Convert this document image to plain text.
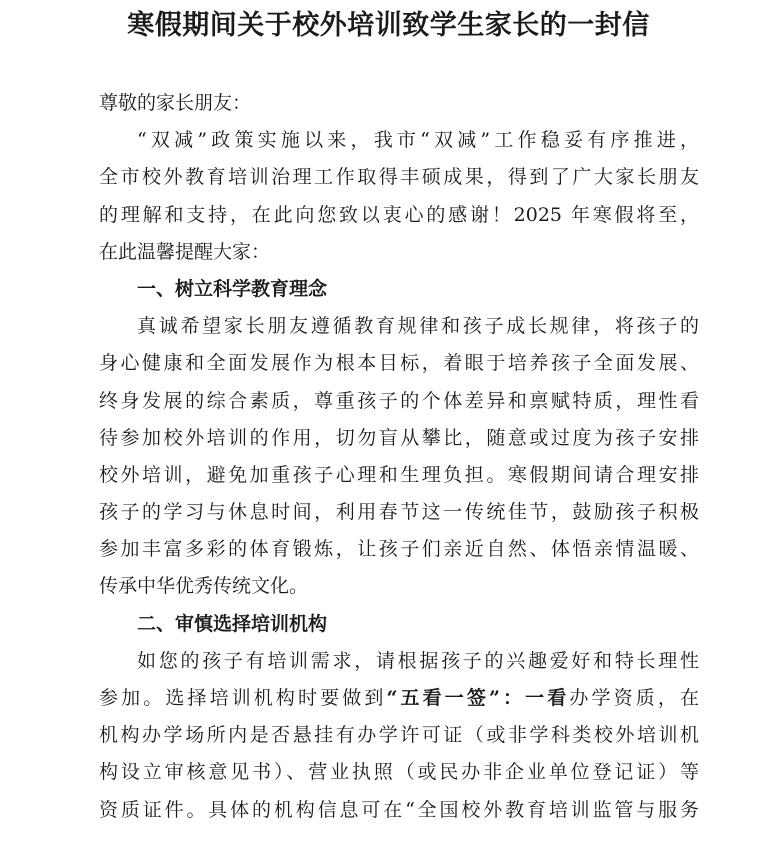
寒假期间关于校外培训致学生家长的一封信
尊敬的家长朋友：
“双减”政策实施以来，我市“双减”工作稳妥有序推进，
全市校外教育培训治理工作取得丰硕成果，得到了广大家长朋友
的理解和支持，在此向您致以衷心的感谢！2025 年寒假将至，
在此温馨提醒大家：
一、树立科学教育理念
真诚希望家长朋友遵循教育规律和孩子成长规律，将孩子的
身心健康和全面发展作为根本目标，着眼于培养孩子全面发展、
终身发展的综合素质，尊重孩子的个体差异和禀赋特质，理性看
待参加校外培训的作用，切勿盲从攀比，随意或过度为孩子安排
校外培训，避免加重孩子心理和生理负担。寒假期间请合理安排
孩子的学习与休息时间，利用春节这一传统佳节，鼓励孩子积极
参加丰富多彩的体育锻炼，让孩子们亲近自然、体悟亲情温暖、
传承中华优秀传统文化。
二、审慎选择培训机构
如您的孩子有培训需求，请根据孩子的兴趣爱好和特长理性
参加。选择培训机构时要做到“五看一签”：一看办学资质，在
机构办学场所内是否悬挂有办学许可证（或非学科类校外培训机
构设立审核意见书）、营业执照（或民办非企业单位登记证）等
资质证件。具体的机构信息可在“全国校外教育培训监管与服务
